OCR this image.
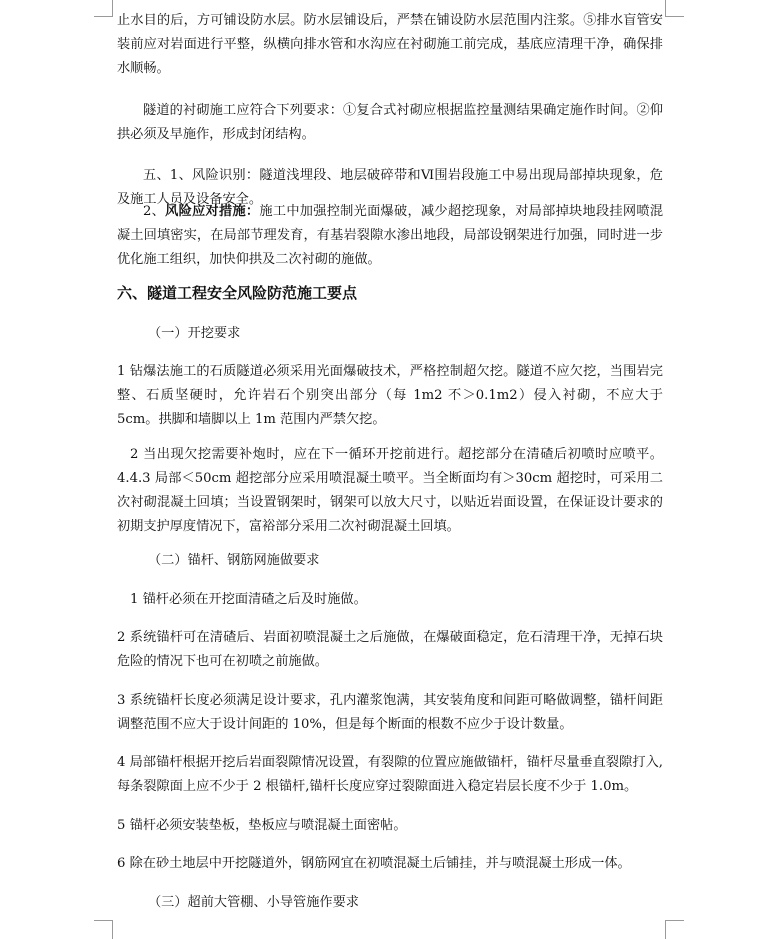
止水目的后，方可铺设防水层。防水层铺设后，严禁在铺设防水层范围内注浆。⑤排水盲管安装前应对岩面进行平整，纵横向排水管和水沟应在衬砌施工前完成，基底应清理干净，确保排水顺畅。

隧道的衬砌施工应符合下列要求：①复合式衬砌应根据监控量测结果确定施作时间。②仰拱必须及早施作，形成封闭结构。

五、1、风险识别：隧道浅埋段、地层破碎带和Ⅵ围岩段施工中易出现局部掉块现象，危及施工人员及设备安全。

2、风险应对措施：施工中加强控制光面爆破，减少超挖现象，对局部掉块地段挂网喷混凝土回填密实，在局部节理发育，有基岩裂隙水渗出地段，局部设钢架进行加强，同时进一步优化施工组织，加快仰拱及二次衬砌的施做。

六、隧道工程安全风险防范施工要点

（一）开挖要求

1 钻爆法施工的石质隧道必须采用光面爆破技术，严格控制超欠挖。隧道不应欠挖，当围岩完整、石质坚硬时，允许岩石个别突出部分（每 1m2 不＞0.1m2）侵入衬砌，不应大于 5cm。拱脚和墙脚以上 1m 范围内严禁欠挖。

2 当出现欠挖需要补炮时，应在下一循环开挖前进行。超挖部分在清碴后初喷时应喷平。4.4.3 局部＜50cm 超挖部分应采用喷混凝土喷平。当全断面均有＞30cm 超挖时，可采用二次衬砌混凝土回填；当设置钢架时，钢架可以放大尺寸，以贴近岩面设置，在保证设计要求的初期支护厚度情况下，富裕部分采用二次衬砌混凝土回填。

（二）锚杆、钢筋网施做要求

1 锚杆必须在开挖面清碴之后及时施做。

2 系统锚杆可在清碴后、岩面初喷混凝土之后施做，在爆破面稳定，危石清理干净，无掉石块危险的情况下也可在初喷之前施做。

3 系统锚杆长度必须满足设计要求，孔内灌浆饱满，其安装角度和间距可略做调整，锚杆间距调整范围不应大于设计间距的 10%，但是每个断面的根数不应少于设计数量。

4 局部锚杆根据开挖后岩面裂隙情况设置，有裂隙的位置应施做锚杆，锚杆尽量垂直裂隙打入,每条裂隙面上应不少于 2 根锚杆,锚杆长度应穿过裂隙面进入稳定岩层长度不少于 1.0m。

5 锚杆必须安装垫板，垫板应与喷混凝土面密帖。

6 除在砂土地层中开挖隧道外，钢筋网宜在初喷混凝土后铺挂，并与喷混凝土形成一体。

（三）超前大管棚、小导管施作要求
